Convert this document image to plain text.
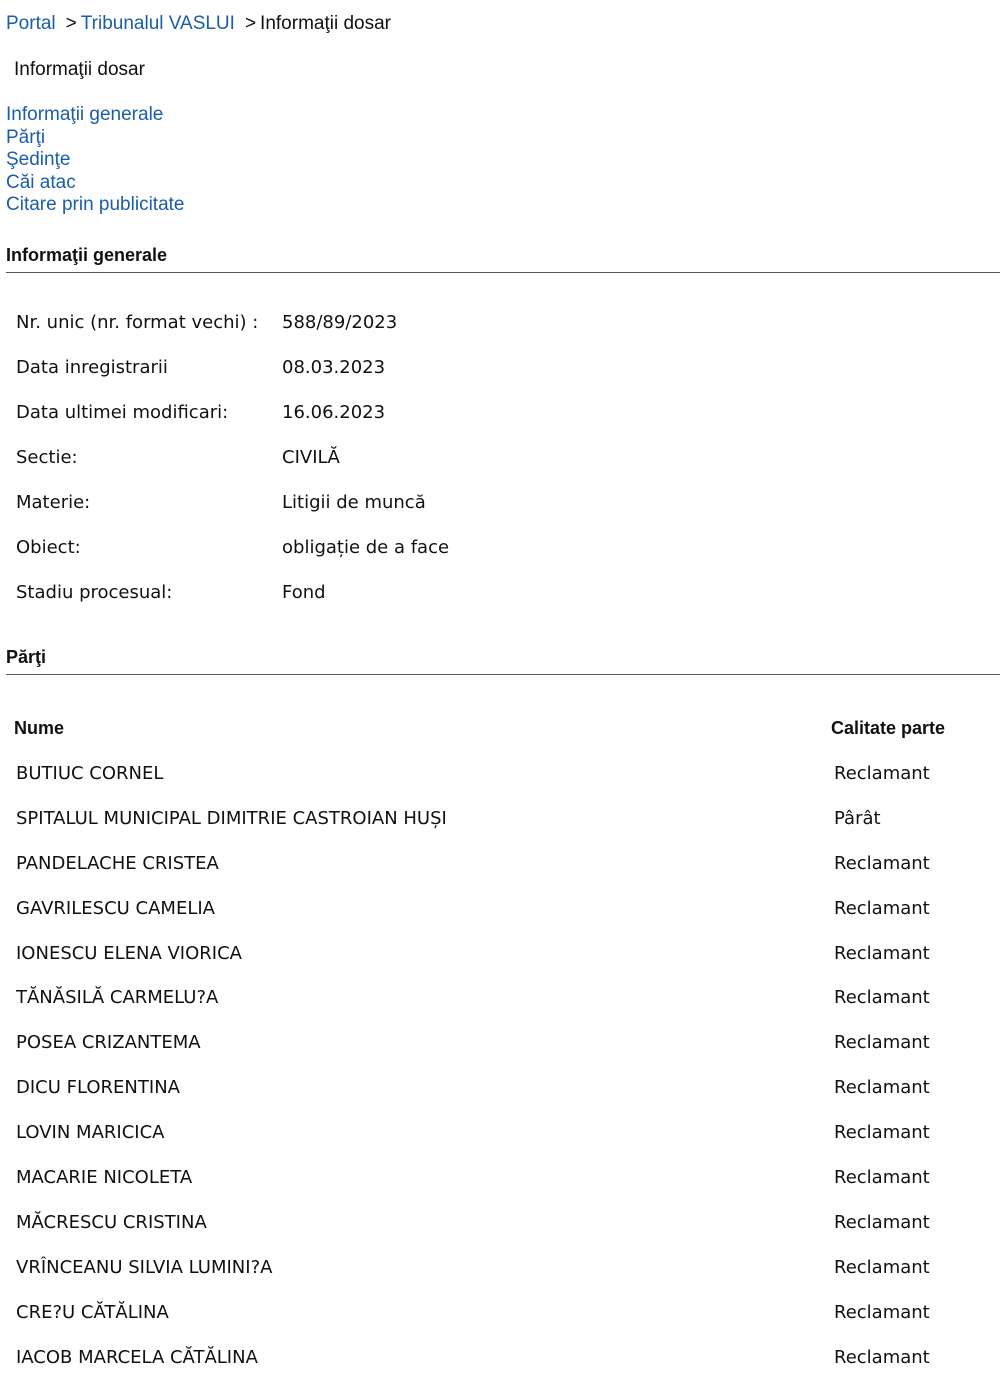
Portal > Tribunalul VASLUI > Informaţii dosar
Informaţii dosar
Informaţii generale
Părţi
Şedinţe
Căi atac
Citare prin publicitate
Informaţii generale
Nr. unic (nr. format vechi) :	588/89/2023
Data inregistrarii	08.03.2023
Data ultimei modificari:	16.06.2023
Sectie:	CIVILĂ
Materie:	Litigii de muncă
Obiect:	obligație de a face
Stadiu procesual:	Fond
Părţi
Nume	Calitate parte
BUTIUC CORNEL	Reclamant
SPITALUL MUNICIPAL DIMITRIE CASTROIAN HUȘI	Pârât
PANDELACHE CRISTEA	Reclamant
GAVRILESCU CAMELIA	Reclamant
IONESCU ELENA VIORICA	Reclamant
TĂNĂSILĂ CARMELU?A	Reclamant
POSEA CRIZANTEMA	Reclamant
DICU FLORENTINA	Reclamant
LOVIN MARICICA	Reclamant
MACARIE NICOLETA	Reclamant
MĂCRESCU CRISTINA	Reclamant
VRÎNCEANU SILVIA LUMINI?A	Reclamant
CRE?U CĂTĂLINA	Reclamant
IACOB MARCELA CĂTĂLINA	Reclamant
